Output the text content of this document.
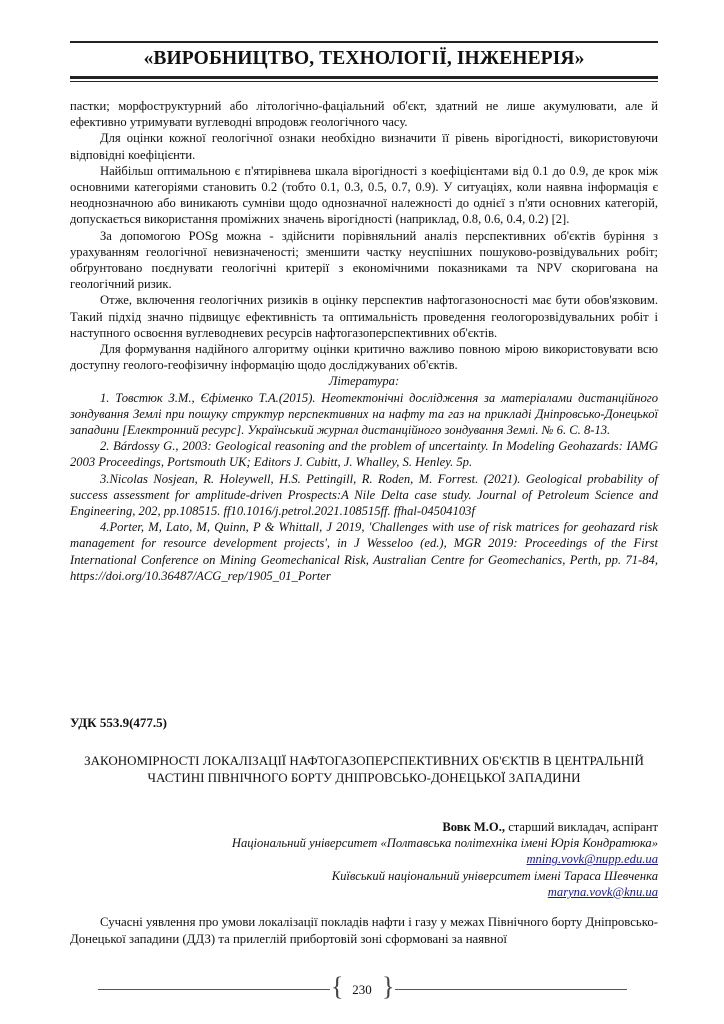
«ВИРОБНИЦТВО, ТЕХНОЛОГІЇ, ІНЖЕНЕРІЯ»

пастки; морфоструктурний або літологічно-фаціальний об'єкт, здатний не лише акумулювати, але й ефективно утримувати вуглеводні впродовж геологічного часу.

Для оцінки кожної геологічної ознаки необхідно визначити її рівень вірогідності, використовуючи відповідні коефіцієнти.

Найбільш оптимальною є п'ятирівнева шкала вірогідності з коефіцієнтами від 0.1 до 0.9, де крок між основними категоріями становить 0.2 (тобто 0.1, 0.3, 0.5, 0.7, 0.9). У ситуаціях, коли наявна інформація є неоднозначною або виникають сумніви щодо однозначної належності до однієї з п'яти основних категорій, допускається використання проміжних значень вірогідності (наприклад, 0.8, 0.6, 0.4, 0.2) [2].

За допомогою POSg можна - здійснити порівняльний аналіз перспективних об'єктів буріння з урахуванням геологічної невизначеності; зменшити частку неуспішних пошуково-розвідувальних робіт; обґрунтовано поєднувати геологічні критерії з економічними показниками та NPV скоригована на геологічний ризик.

Отже, включення геологічних ризиків в оцінку перспектив нафтогазоносності має бути обов'язковим. Такий підхід значно підвищує ефективність та оптимальність проведення геологорозвідувальних робіт і наступного освоєння вуглеводневих ресурсів нафтогазоперспективних об'єктів.

Для формування надійного алгоритму оцінки критично важливо повною мірою використовувати всю доступну геолого-геофізичну інформацію щодо досліджуваних об'єктів.

Література:

1. Товстюк З.М., Єфіменко Т.А.(2015). Неотектонічні дослідження за матеріалами дистанційного зондування Землі при пошуку структур перспективних на нафту та газ на прикладі Дніпровсько-Донецької западини [Електронний ресурс]. Український журнал дистанційного зондування Землі. № 6. С. 8-13.

2. Bárdossy G., 2003: Geological reasoning and the problem of uncertainty. In Modeling Geohazards: IAMG 2003 Proceedings, Portsmouth UK; Editors J. Cubitt, J. Whalley, S. Henley. 5p.

3.Nicolas Nosjean, R. Holeywell, H.S. Pettingill, R. Roden, M. Forrest. (2021). Geological probability of success assessment for amplitude-driven Prospects:A Nile Delta case study. Journal of Petroleum Science and Engineering, 202, pp.108515. ff10.1016/j.petrol.2021.108515ff. ffhal-04504103f

4.Porter, M, Lato, M, Quinn, P & Whittall, J 2019, 'Challenges with use of risk matrices for geohazard risk management for resource development projects', in J Wesseloo (ed.), MGR 2019: Proceedings of the First International Conference on Mining Geomechanical Risk, Australian Centre for Geomechanics, Perth, pp. 71-84, https://doi.org/10.36487/ACG_rep/1905_01_Porter

УДК 553.9(477.5)
ЗАКОНОМІРНОСТІ ЛОКАЛІЗАЦІЇ НАФТОГАЗОПЕРСПЕКТИВНИХ ОБ'ЄКТІВ В ЦЕНТРАЛЬНІЙ ЧАСТИНІ ПІВНІЧНОГО БОРТУ ДНІПРОВСЬКО-ДОНЕЦЬКОЇ ЗАПАДИНИ
Вовк М.О., старший викладач, аспірант
Національний університет «Полтавська політехніка імені Юрія Кондратюка»
mning.vovk@nupp.edu.ua
Київський національний університет імені Тараса Шевченка
maryna.vovk@knu.ua
Сучасні уявлення про умови локалізації покладів нафти і газу у межах Північного борту Дніпровсько-Донецької западини (ДДЗ) та прилеглій прибортовій зоні сформовані за наявної
{ 230 }
